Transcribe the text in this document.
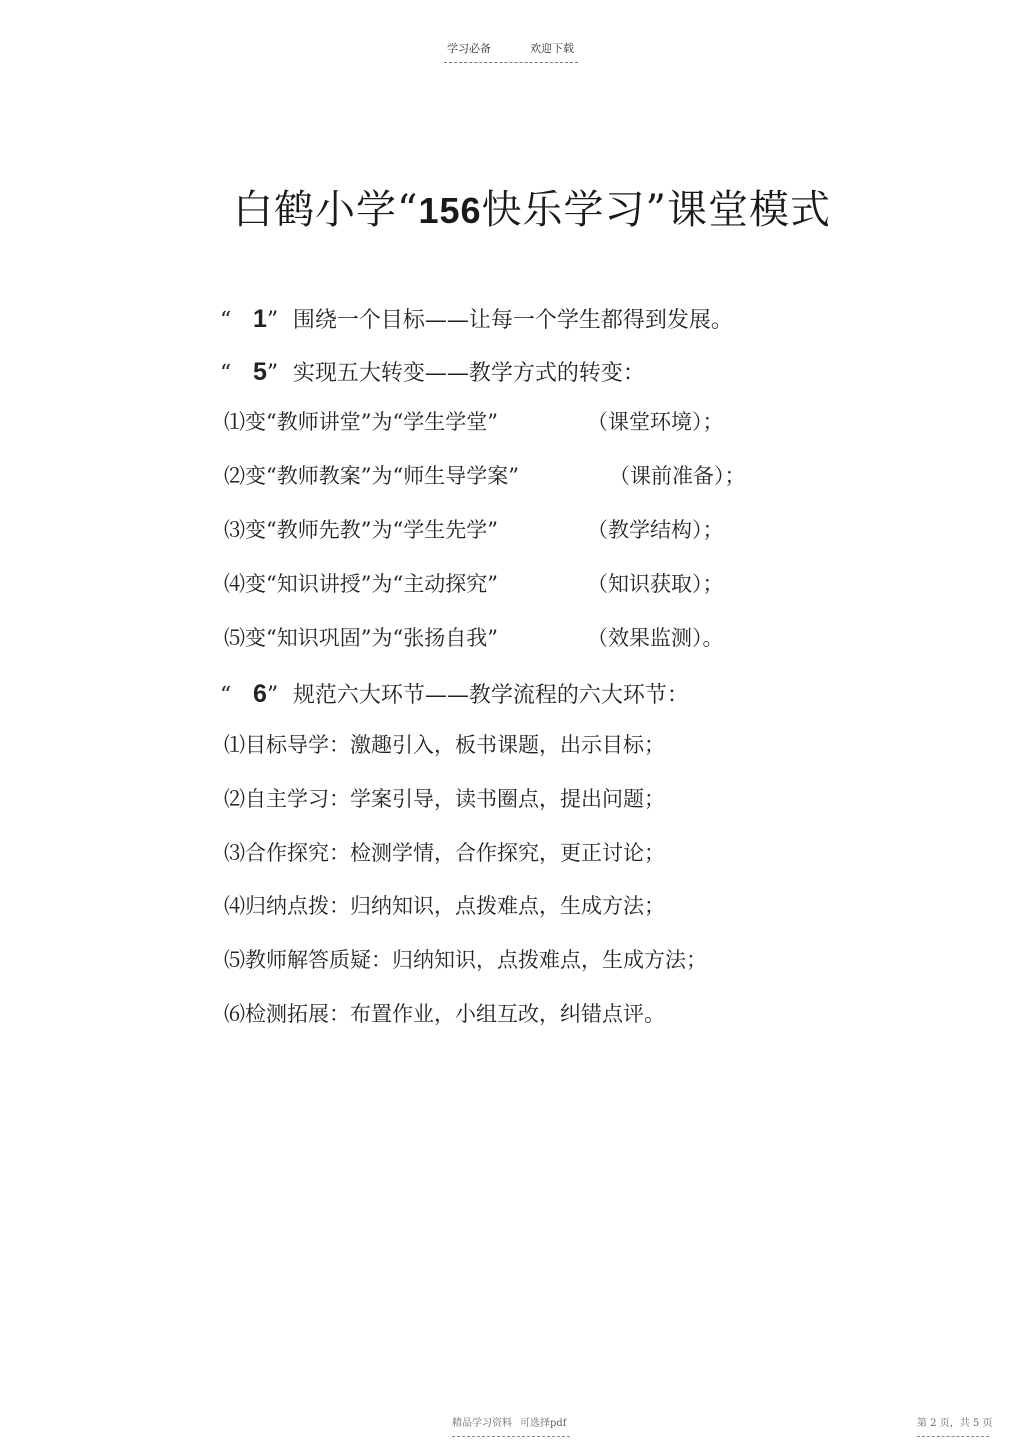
学习必备	欢迎下载
白鹤小学“156快乐学习”课堂模式
“ 1” 围绕一个目标——让每一个学生都得到发展。
“ 5” 实现五大转变——教学方式的转变：
⑴变“教师讲堂”为“学生学堂”	（课堂环境）；
⑵变“教师教案”为“师生导学案”	（课前准备）；
⑶变“教师先教”为“学生先学”	（教学结构）；
⑷变“知识讲授”为“主动探究”	（知识获取）；
⑸变“知识巩固”为“张扬自我”	（效果监测）。
“ 6” 规范六大环节——教学流程的六大环节：
⑴目标导学：激趣引入，板书课题，出示目标；
⑵自主学习：学案引导，读书圈点，提出问题；
⑶合作探究：检测学情，合作探究，更正讨论；
⑷归纳点拨：归纳知识，点拨难点，生成方法；
⑸教师解答质疑：归纳知识，点拨难点，生成方法；
⑹检测拓展：布置作业，小组互改，纠错点评。
精品学习资料 可选择pdf	第 2 页，共 5 页
